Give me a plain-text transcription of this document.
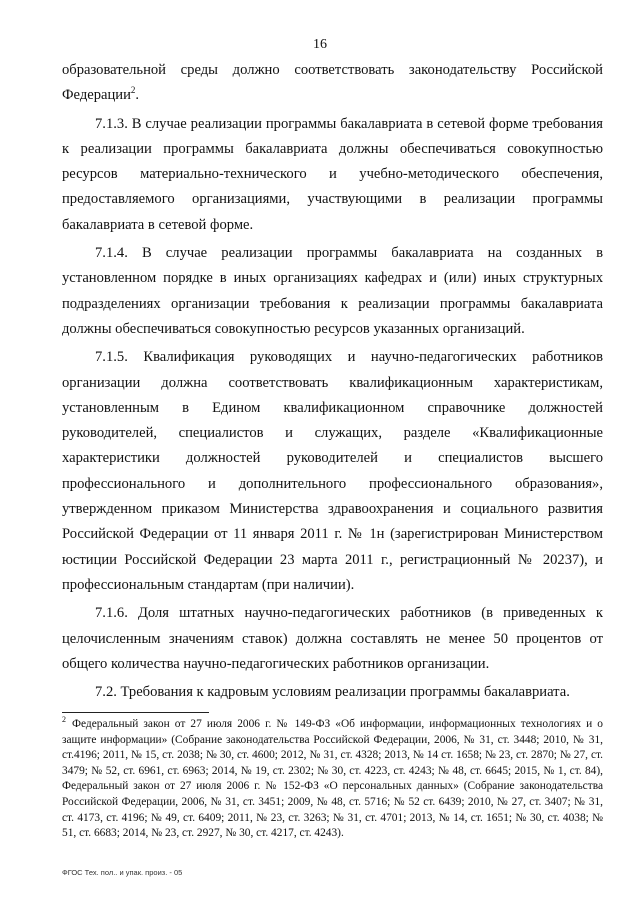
16

образовательной среды должно соответствовать законодательству Российской Федерации$^2$.

7.1.3. В случае реализации программы бакалавриата в сетевой форме требования к реализации программы бакалавриата должны обеспечиваться совокупностью ресурсов материально-технического и учебно-методического обеспечения, предоставляемого организациями, участвующими в реализации программы бакалавриата в сетевой форме.

7.1.4. В случае реализации программы бакалавриата на созданных в установленном порядке в иных организациях кафедрах и (или) иных структурных подразделениях организации требования к реализации программы бакалавриата должны обеспечиваться совокупностью ресурсов указанных организаций.

7.1.5. Квалификация руководящих и научно-педагогических работников организации должна соответствовать квалификационным характеристикам, установленным в Едином квалификационном справочнике должностей руководителей, специалистов и служащих, разделе «Квалификационные характеристики должностей руководителей и специалистов высшего профессионального и дополнительного профессионального образования», утвержденном приказом Министерства здравоохранения и социального развития Российской Федерации от 11 января 2011 г. № 1н (зарегистрирован Министерством юстиции Российской Федерации 23 марта 2011 г., регистрационный № 20237), и профессиональным стандартам (при наличии).

7.1.6. Доля штатных научно-педагогических работников (в приведенных к целочисленным значениям ставок) должна составлять не менее 50 процентов от общего количества научно-педагогических работников организации.

7.2. Требования к кадровым условиям реализации программы бакалавриата.

$^2$ Федеральный закон от 27 июля 2006 г. № 149-ФЗ «Об информации, информационных технологиях и о защите информации» (Собрание законодательства Российской Федерации, 2006, № 31, ст. 3448; 2010, № 31, ст.4196; 2011, № 15, ст. 2038; № 30, ст. 4600; 2012, № 31, ст. 4328; 2013, № 14 ст. 1658; № 23, ст. 2870; № 27, ст. 3479; № 52, ст. 6961, ст. 6963; 2014, № 19, ст. 2302; № 30, ст. 4223, ст. 4243; № 48, ст. 6645; 2015, № 1, ст. 84), Федеральный закон от 27 июля 2006 г. № 152-ФЗ «О персональных данных» (Собрание законодательства Российской Федерации, 2006, № 31, ст. 3451; 2009, № 48, ст. 5716; № 52 ст. 6439; 2010, № 27, ст. 3407; № 31, ст. 4173, ст. 4196; № 49, ст. 6409; 2011, № 23, ст. 3263; № 31, ст. 4701; 2013, № 14, ст. 1651; № 30, ст. 4038; № 51, ст. 6683; 2014, № 23, ст. 2927, № 30, ст. 4217, ст. 4243).
ФГОС Тех. пол.. и упак. произ. - 05
